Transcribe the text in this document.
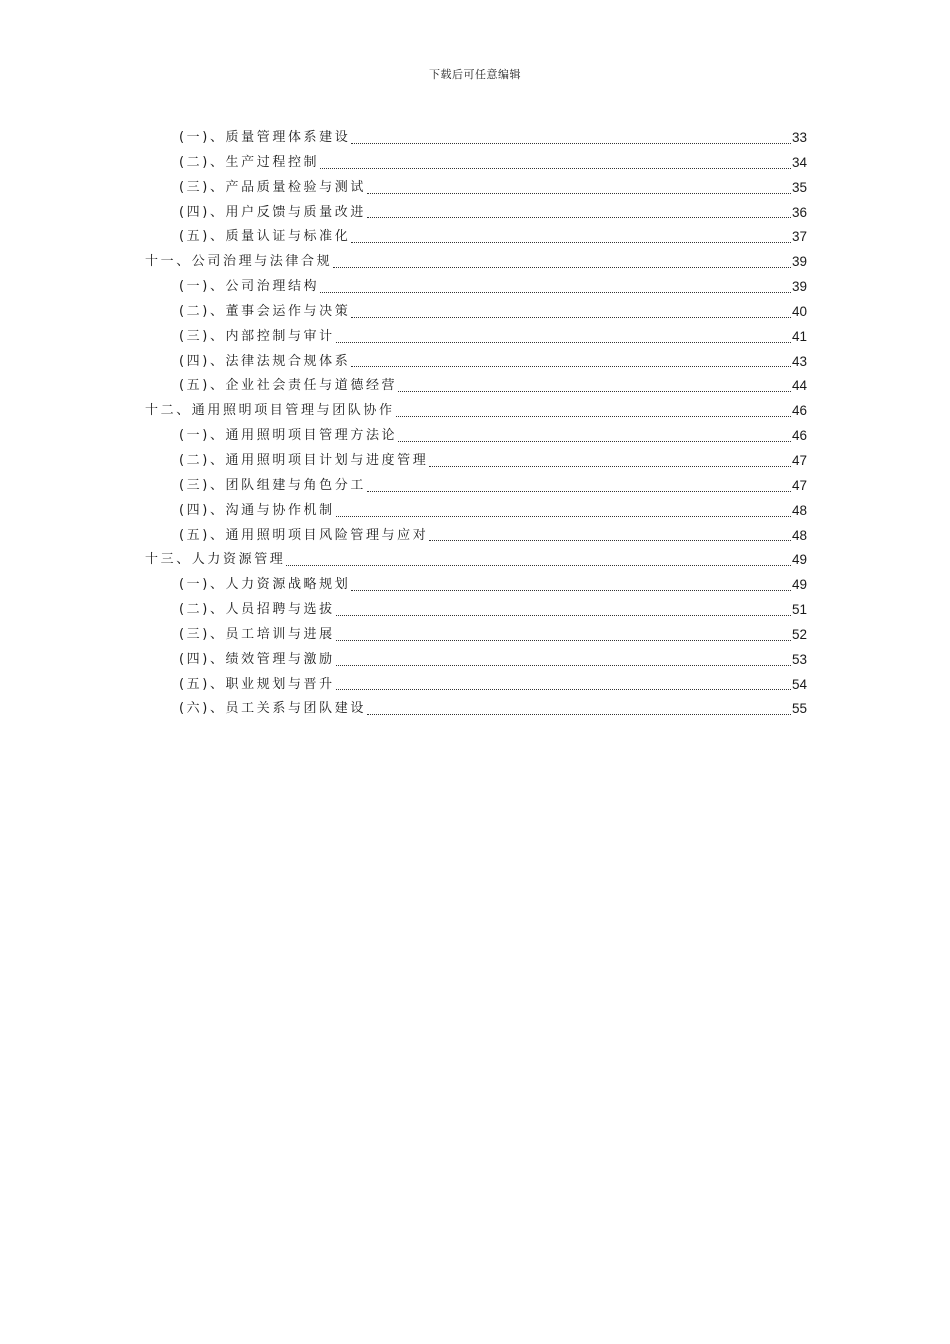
下载后可任意编辑
(一)、质量管理体系建设	33
(二)、生产过程控制	34
(三)、产品质量检验与测试	35
(四)、用户反馈与质量改进	36
(五)、质量认证与标准化	37
十一、公司治理与法律合规	39
(一)、公司治理结构	39
(二)、董事会运作与决策	40
(三)、内部控制与审计	41
(四)、法律法规合规体系	43
(五)、企业社会责任与道德经营	44
十二、通用照明项目管理与团队协作	46
(一)、通用照明项目管理方法论	46
(二)、通用照明项目计划与进度管理	47
(三)、团队组建与角色分工	47
(四)、沟通与协作机制	48
(五)、通用照明项目风险管理与应对	48
十三、人力资源管理	49
(一)、人力资源战略规划	49
(二)、人员招聘与选拔	51
(三)、员工培训与进展	52
(四)、绩效管理与激励	53
(五)、职业规划与晋升	54
(六)、员工关系与团队建设	55
